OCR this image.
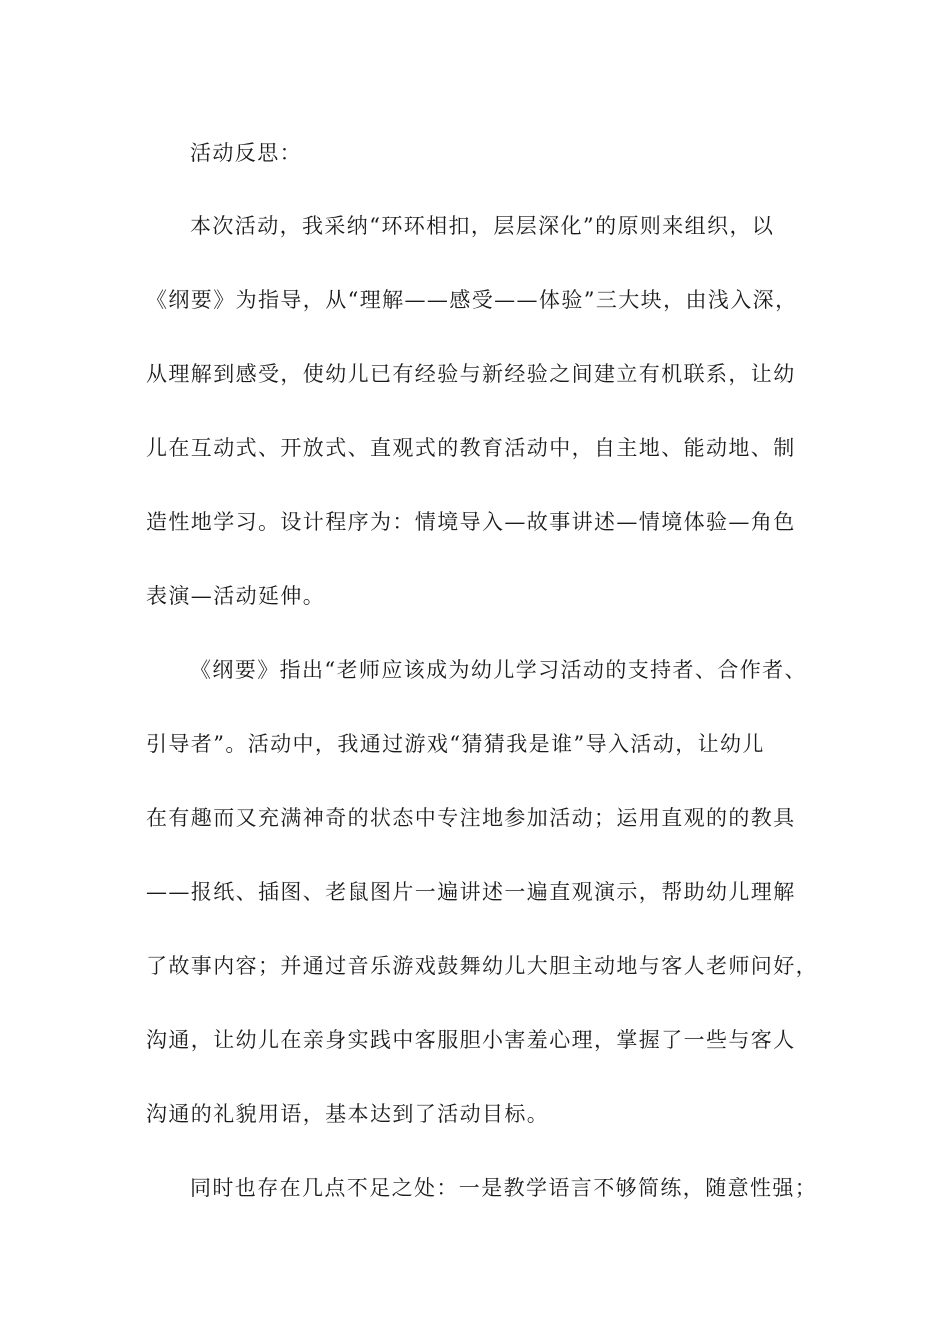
活动反思：

本次活动，我采纳“环环相扣，层层深化”的原则来组织，以

《纲要》为指导，从“理解——感受——体验”三大块，由浅入深，

从理解到感受，使幼儿已有经验与新经验之间建立有机联系，让幼

儿在互动式、开放式、直观式的教育活动中，自主地、能动地、制

造性地学习。设计程序为：情境导入—故事讲述—情境体验—角色

表演—活动延伸。

《纲要》指出“老师应该成为幼儿学习活动的支持者、合作者、

引导者”。活动中，我通过游戏“猜猜我是谁”导入活动，让幼儿

在有趣而又充满神奇的状态中专注地参加活动；运用直观的的教具

——报纸、插图、老鼠图片一遍讲述一遍直观演示，帮助幼儿理解

了故事内容；并通过音乐游戏鼓舞幼儿大胆主动地与客人老师问好，

沟通，让幼儿在亲身实践中客服胆小害羞心理，掌握了一些与客人

沟通的礼貌用语，基本达到了活动目标。

同时也存在几点不足之处：一是教学语言不够简练，随意性强；
